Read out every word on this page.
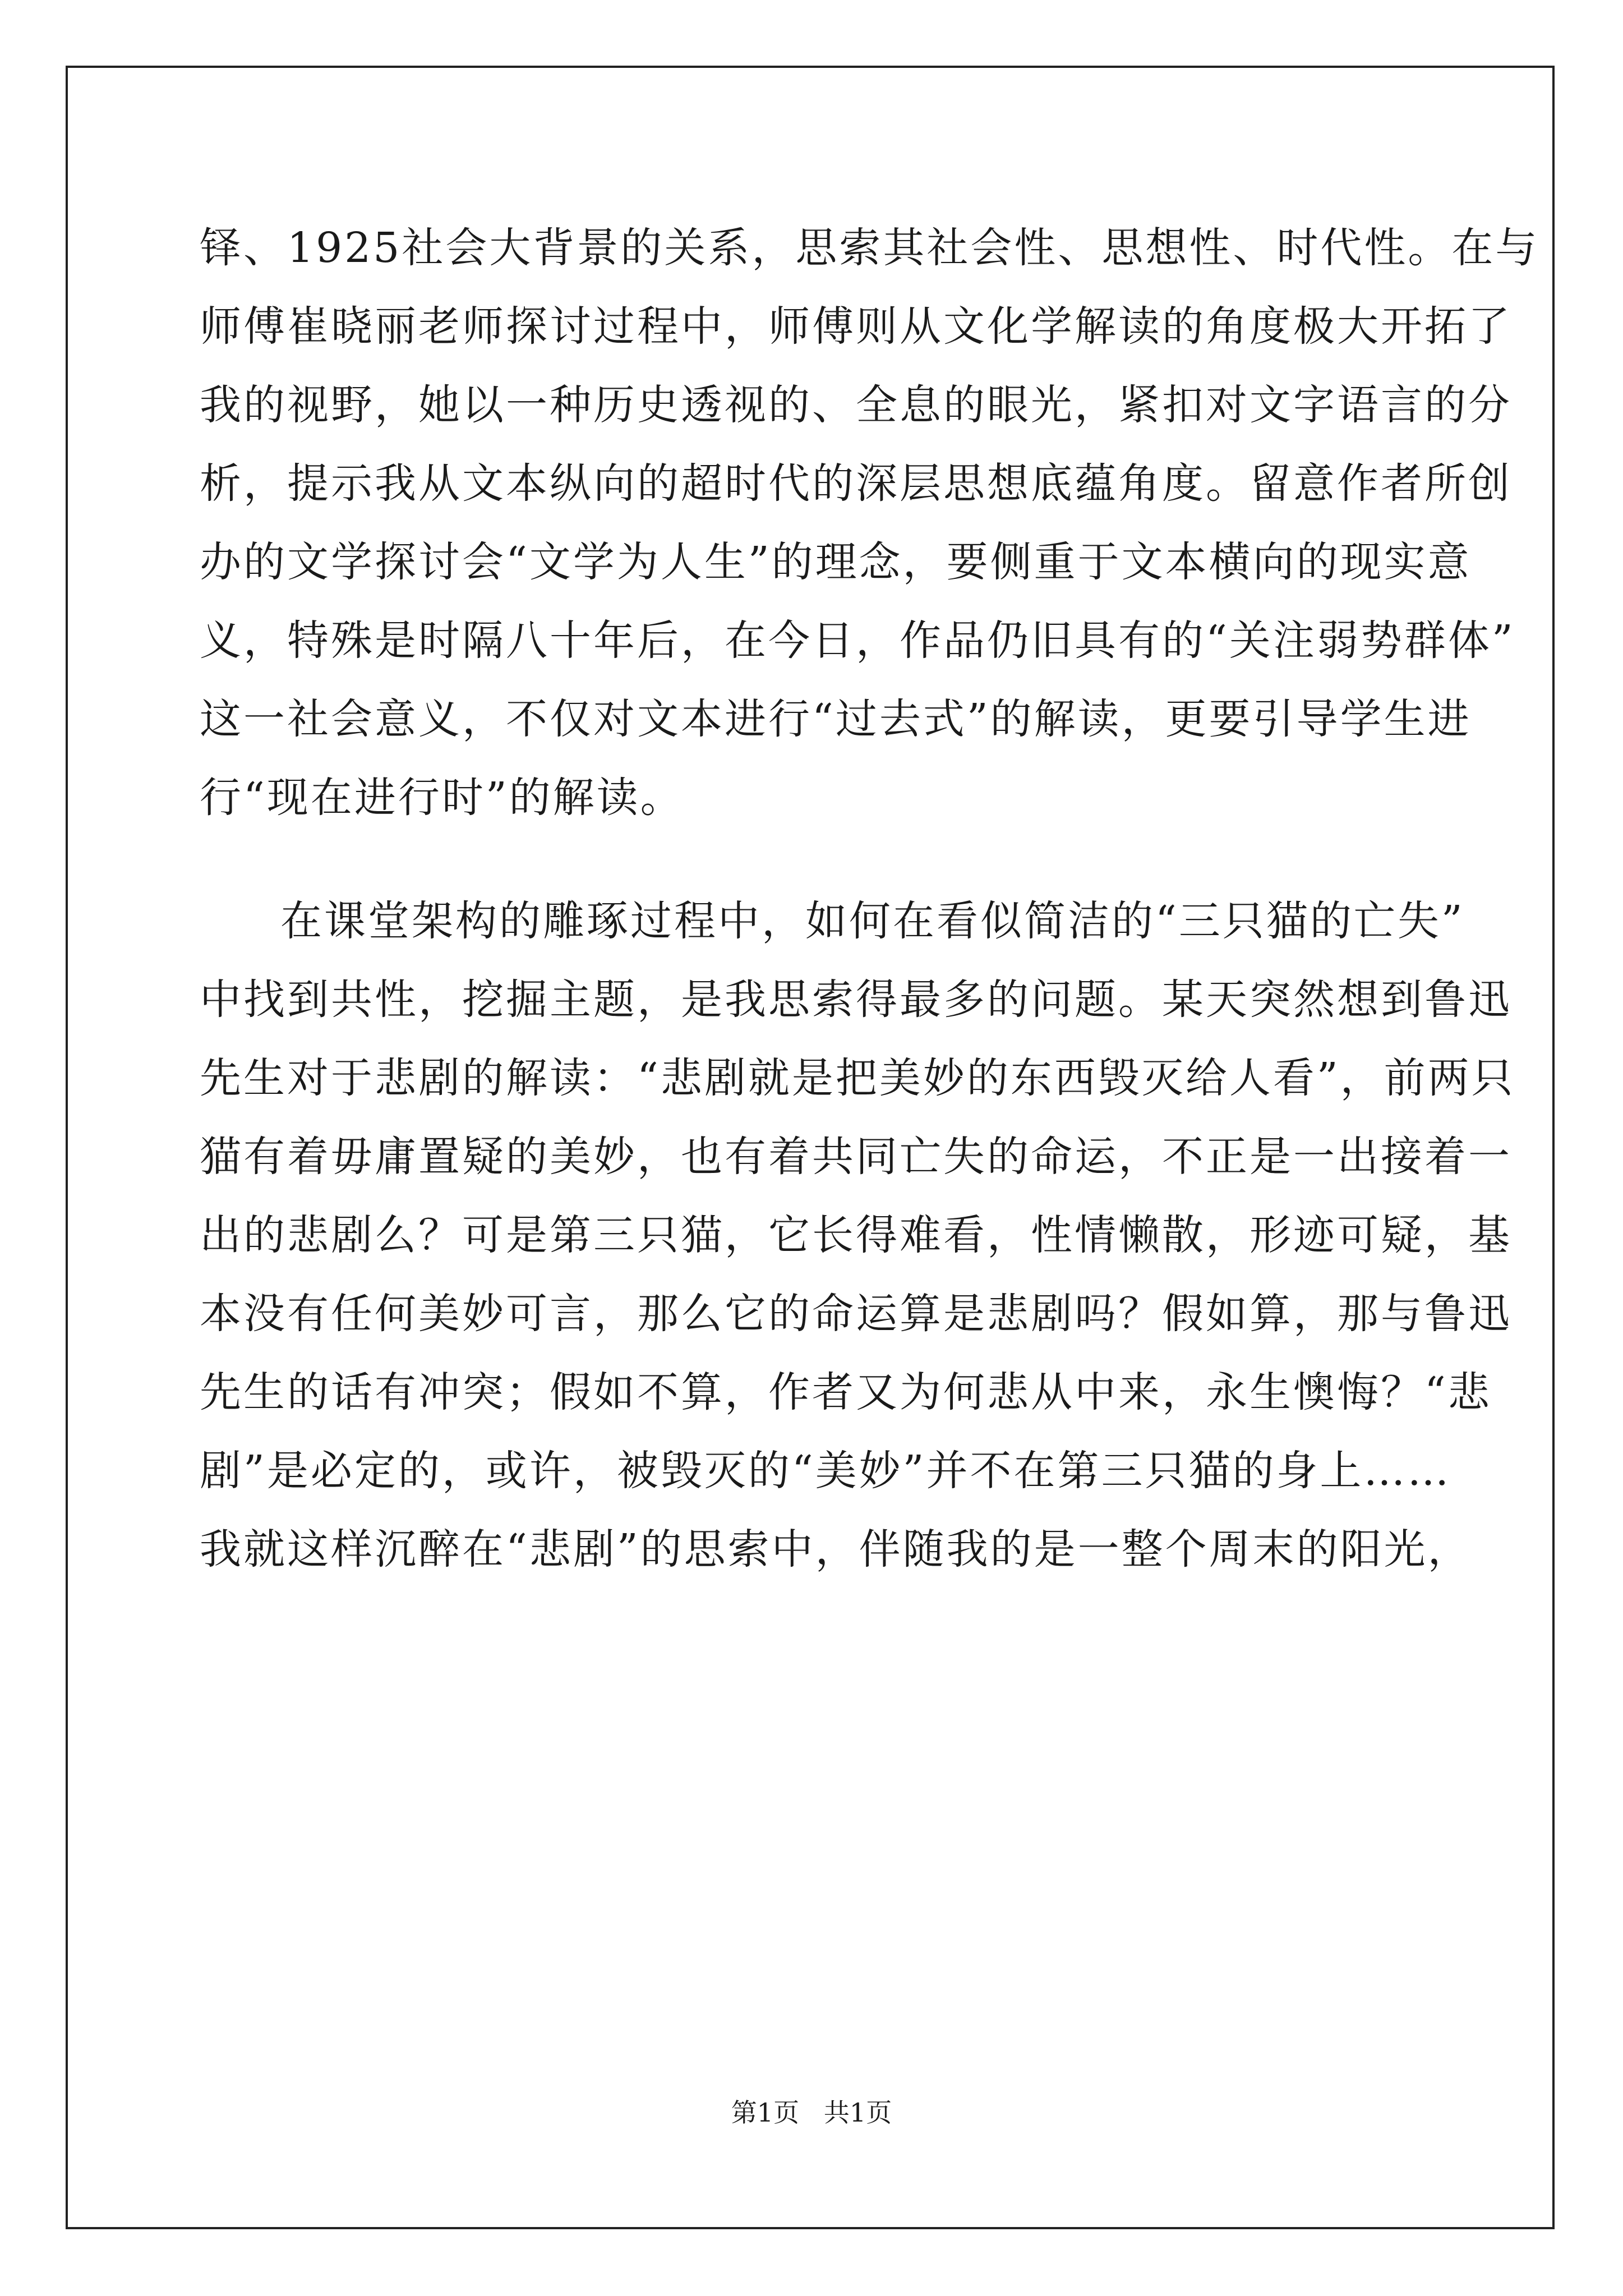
铎、1925社会大背景的关系，思索其社会性、思想性、时代性。在与
师傅崔晓丽老师探讨过程中，师傅则从文化学解读的角度极大开拓了
我的视野，她以一种历史透视的、全息的眼光，紧扣对文字语言的分
析，提示我从文本纵向的超时代的深层思想底蕴角度。留意作者所创
办的文学探讨会“文学为人生”的理念，要侧重于文本横向的现实意
义，特殊是时隔八十年后，在今日，作品仍旧具有的“关注弱势群体”
这一社会意义，不仅对文本进行“过去式”的解读，更要引导学生进
行“现在进行时”的解读。
在课堂架构的雕琢过程中，如何在看似简洁的“三只猫的亡失”
中找到共性，挖掘主题，是我思索得最多的问题。某天突然想到鲁迅
先生对于悲剧的解读：“悲剧就是把美妙的东西毁灭给人看”，前两只
猫有着毋庸置疑的美妙，也有着共同亡失的命运，不正是一出接着一
出的悲剧么？可是第三只猫，它长得难看，性情懒散，形迹可疑，基
本没有任何美妙可言，那么它的命运算是悲剧吗？假如算，那与鲁迅
先生的话有冲突；假如不算，作者又为何悲从中来，永生懊悔？“悲
剧”是必定的，或许，被毁灭的“美妙”并不在第三只猫的身上……
我就这样沉醉在“悲剧”的思索中，伴随我的是一整个周末的阳光，
第1页   共1页
